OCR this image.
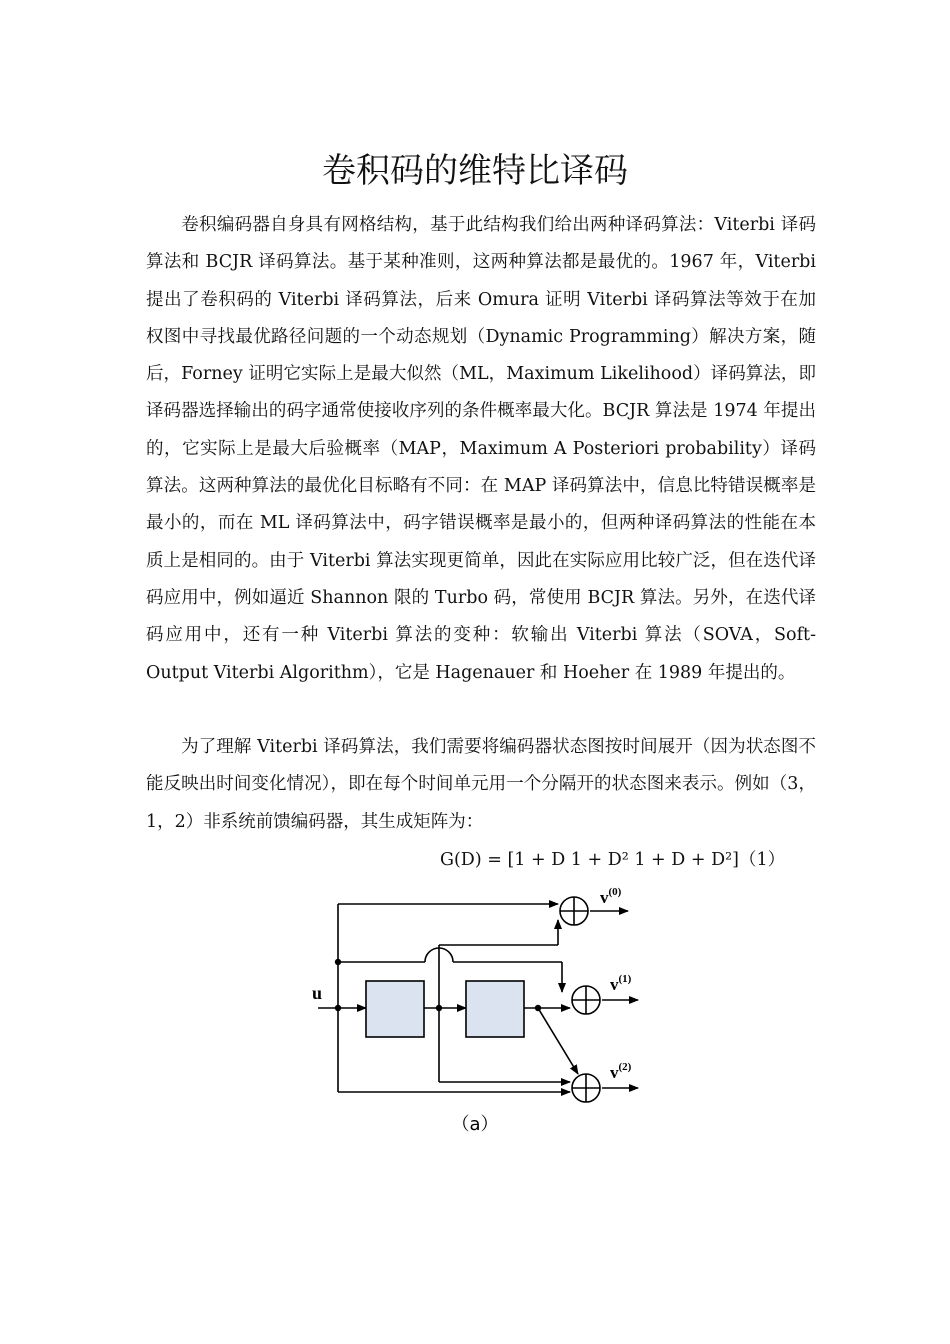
卷积码的维特比译码

卷积编码器自身具有网格结构，基于此结构我们给出两种译码算法：Viterbi 译码算法和 BCJR 译码算法。基于某种准则，这两种算法都是最优的。1967 年，Viterbi 提出了卷积码的 Viterbi 译码算法，后来 Omura 证明 Viterbi 译码算法等效于在加权图中寻找最优路径问题的一个动态规划（Dynamic Programming）解决方案，随后，Forney 证明它实际上是最大似然（ML，Maximum Likelihood）译码算法，即译码器选择输出的码字通常使接收序列的条件概率最大化。BCJR 算法是 1974 年提出的，它实际上是最大后验概率（MAP，Maximum A Posteriori probability）译码算法。这两种算法的最优化目标略有不同：在 MAP 译码算法中，信息比特错误概率是最小的，而在 ML 译码算法中，码字错误概率是最小的，但两种译码算法的性能在本质上是相同的。由于 Viterbi 算法实现更简单，因此在实际应用比较广泛，但在迭代译码应用中，例如逼近 Shannon 限的 Turbo 码，常使用 BCJR 算法。另外，在迭代译码应用中，还有一种 Viterbi 算法的变种：软输出 Viterbi 算法（SOVA，Soft-Output Viterbi Algorithm），它是 Hagenauer 和 Hoeher 在 1989 年提出的。

为了理解 Viterbi 译码算法，我们需要将编码器状态图按时间展开（因为状态图不能反映出时间变化情况），即在每个时间单元用一个分隔开的状态图来表示。例如（3，1，2）非系统前馈编码器，其生成矩阵为：

G(D) = [1 + D 1 + D² 1 + D + D²]（1）
u
$v^{(0)}$
$v^{(1)}$
$v^{(2)}$
（a）
